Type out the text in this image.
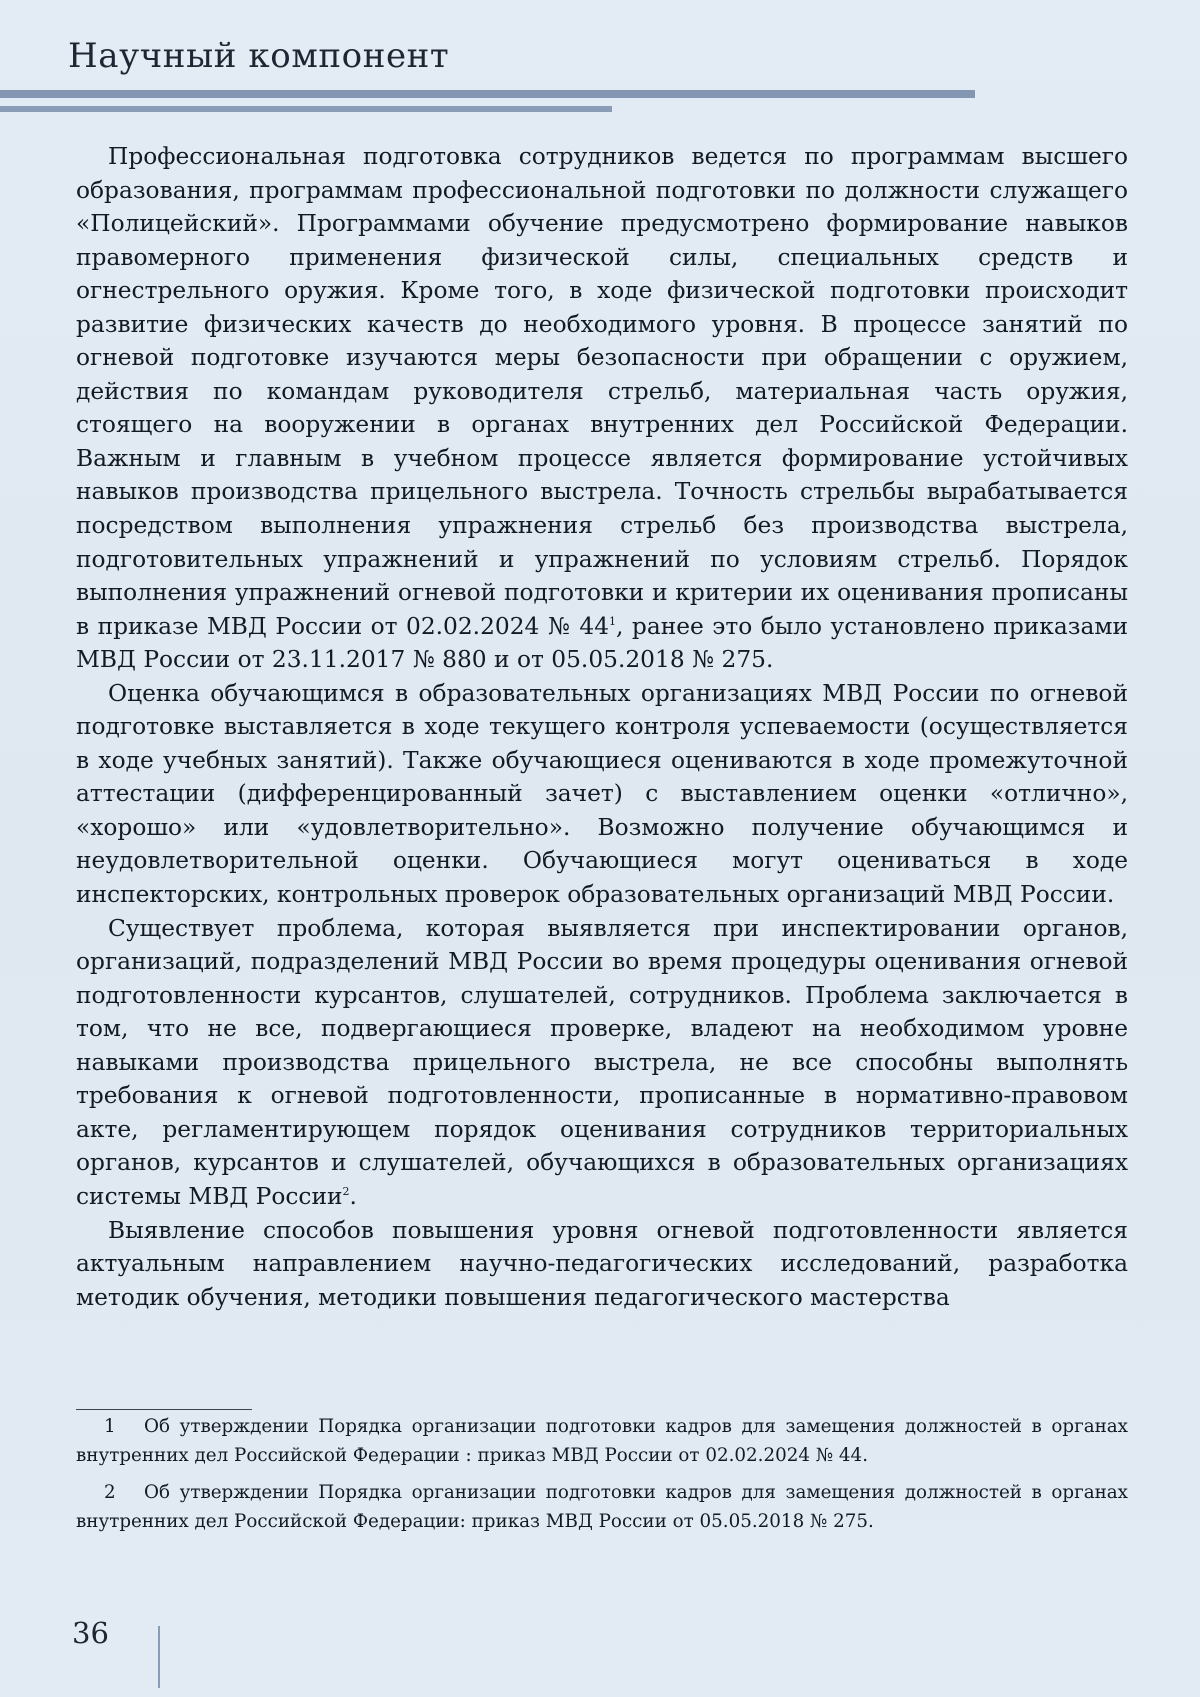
Научный компонент

Профессиональная подготовка сотрудников ведется по программам высшего образования, программам профессиональной подготовки по должности служащего «Полицейский». Программами обучение предусмотрено формирование навыков правомерного применения физической силы, специальных средств и огнестрельного оружия. Кроме того, в ходе физической подготовки происходит развитие физических качеств до необходимого уровня. В процессе занятий по огневой подготовке изучаются меры безопасности при обращении с оружием, действия по командам руководителя стрельб, материальная часть оружия, стоящего на вооружении в органах внутренних дел Российской Федерации. Важным и главным в учебном процессе является формирование устойчивых навыков производства прицельного выстрела. Точность стрельбы вырабатывается посредством выполнения упражнения стрельб без производства выстрела, подготовительных упражнений и упражнений по условиям стрельб. Порядок выполнения упражнений огневой подготовки и критерии их оценивания прописаны в приказе МВД России от 02.02.2024 № $44^1$, ранее это было установлено приказами МВД России от 23.11.2017 № 880 и от 05.05.2018 № 275.

Оценка обучающимся в образовательных организациях МВД России по огневой подготовке выставляется в ходе текущего контроля успеваемости (осуществляется в ходе учебных занятий). Также обучающиеся оцениваются в ходе промежуточной аттестации (дифференцированный зачет) с выставлением оценки «отлично», «хорошо» или «удовлетворительно». Возможно получение обучающимся и неудовлетворительной оценки. Обучающиеся могут оцениваться в ходе инспекторских, контрольных проверок образовательных организаций МВД России.

Существует проблема, которая выявляется при инспектировании органов, организаций, подразделений МВД России во время процедуры оценивания огневой подготовленности курсантов, слушателей, сотрудников. Проблема заключается в том, что не все, подвергающиеся проверке, владеют на необходимом уровне навыками производства прицельного выстрела, не все способны выполнять требования к огневой подготовленности, прописанные в нормативно-правовом акте, регламентирующем порядок оценивания сотрудников территориальных органов, курсантов и слушателей, обучающихся в образовательных организациях системы МВД России$^2$.

Выявление способов повышения уровня огневой подготовленности является актуальным направлением научно-педагогических исследований, разработка методик обучения, методики повышения педагогического мастерства

1 Об утверждении Порядка организации подготовки кадров для замещения должностей в органах внутренних дел Российской Федерации : приказ МВД России от 02.02.2024 № 44.

2 Об утверждении Порядка организации подготовки кадров для замещения должностей в органах внутренних дел Российской Федерации: приказ МВД России от 05.05.2018 № 275.

36
